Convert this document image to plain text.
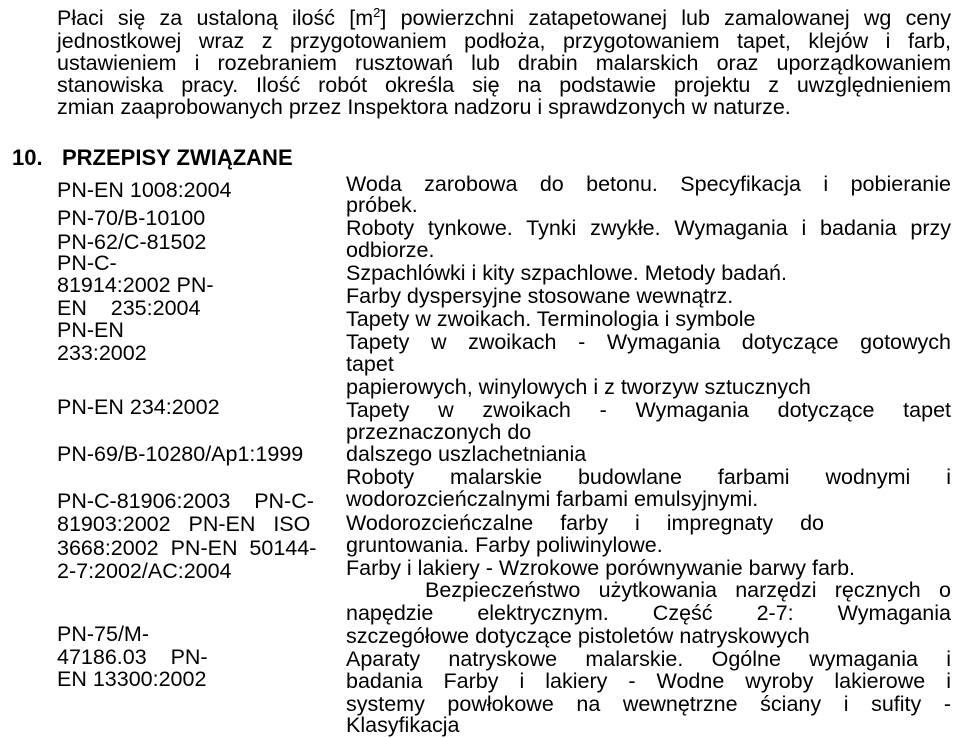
Płaci się za ustaloną ilość $[m^2]$ powierzchni zatapetowanej lub zamalowanej wg ceny
jednostkowej wraz z przygotowaniem podłoża, przygotowaniem tapet, klejów i farb,
ustawieniem i rozebraniem rusztowań lub drabin malarskich oraz uporządkowaniem
stanowiska pracy. Ilość robót określa się na podstawie projektu z uwzględnieniem
zmian zaaprobowanych przez Inspektora nadzoru i sprawdzonych w naturze.
10. PRZEPISY ZWIĄZANE
PN-EN 1008:2004
PN-70/B-10100
PN-62/C-81502
PN-C-
81914:2002 PN-
EN    235:2004
PN-EN
233:2002
PN-EN 234:2002
PN-69/B-10280/Ap1:1999
PN-C-81906:2003    PN-C-
81903:2002   PN-EN   ISO
3668:2002  PN-EN  50144-
2-7:2002/AC:2004
PN-75/M-
47186.03    PN-
EN 13300:2002
Woda zarobowa do betonu. Specyfikacja i pobieranie
próbek.
Roboty tynkowe. Tynki zwykłe. Wymagania i badania przy
odbiorze.
Szpachlówki i kity szpachlowe. Metody badań.
Farby dyspersyjne stosowane wewnątrz.
Tapety w zwoikach. Terminologia i symbole
Tapety w zwoikach - Wymagania dotyczące gotowych
tapet
papierowych, winylowych i z tworzyw sztucznych
Tapety w zwoikach - Wymagania dotyczące tapet
przeznaczonych do
dalszego uszlachetniania
Roboty malarskie budowlane farbami wodnymi i
wodorozcieńczalnymi farbami emulsyjnymi.
Wodorozcieńczalne farby i impregnaty do
gruntowania. Farby poliwinylowe.
Farby i lakiery - Wzrokowe porównywanie barwy farb.
Bezpieczeństwo użytkowania narzędzi ręcznych o
napędzie elektrycznym. Część 2-7: Wymagania
szczegółowe dotyczące pistoletów natryskowych
Aparaty natryskowe malarskie. Ogólne wymagania i
badania Farby i lakiery - Wodne wyroby lakierowe i
systemy powłokowe na wewnętrzne ściany i sufity -
Klasyfikacja
